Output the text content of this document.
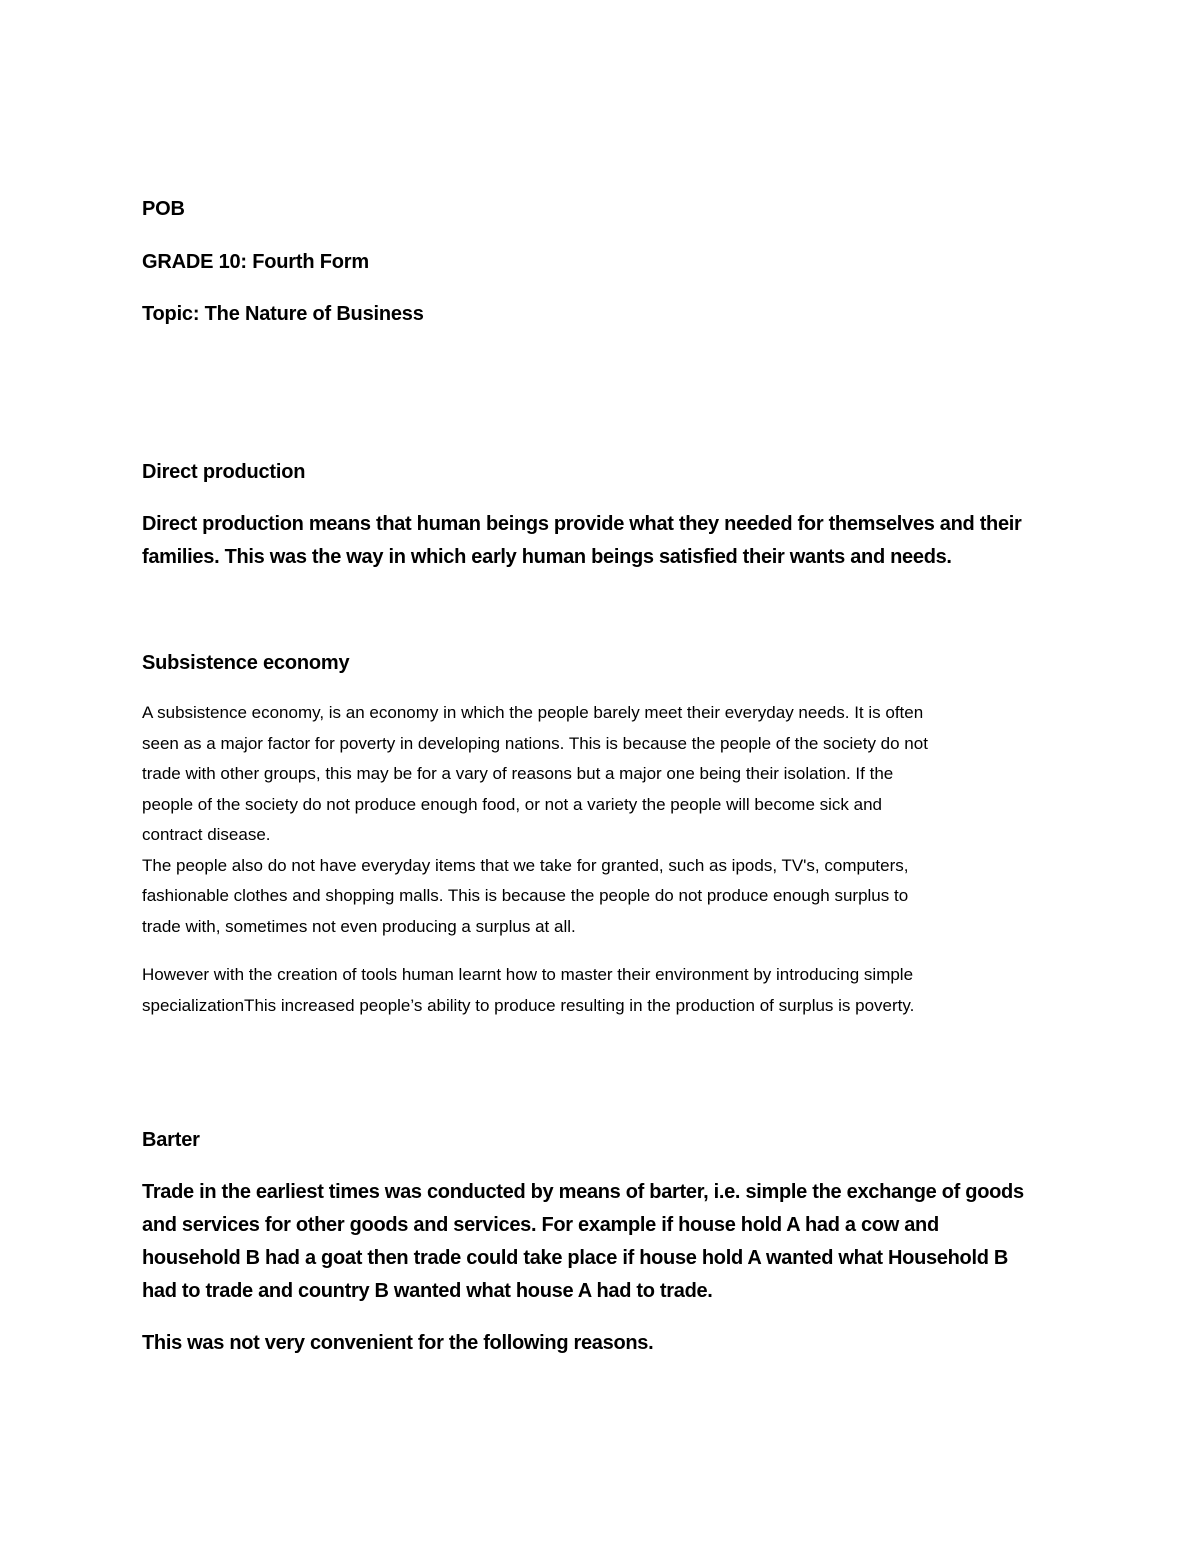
POB

GRADE 10: Fourth Form

Topic: The Nature of Business

Direct production

Direct production means that human beings provide what they needed for themselves and their
families. This was the way in which early human beings satisfied their wants and needs.

Subsistence economy

A subsistence economy, is an economy in which the people barely meet their everyday needs. It is often
seen as a major factor for poverty in developing nations. This is because the people of the society do not
trade with other groups, this may be for a vary of reasons but a major one being their isolation. If the
people of the society do not produce enough food, or not a variety the people will become sick and
contract disease.
The people also do not have everyday items that we take for granted, such as ipods, TV's, computers,
fashionable clothes and shopping malls. This is because the people do not produce enough surplus to
trade with, sometimes not even producing a surplus at all.
However with the creation of tools human learnt how to master their environment by introducing simple
specializationThis increased people’s ability to produce resulting in the production of surplus is poverty.

Barter

Trade in the earliest times was conducted by means of barter, i.e. simple the exchange of goods
and services for other goods and services. For example if house hold A had a cow and
household B had a goat then trade could take place if house hold A wanted what Household B
had to trade and country B wanted what house A had to trade.

This was not very convenient for the following reasons.
